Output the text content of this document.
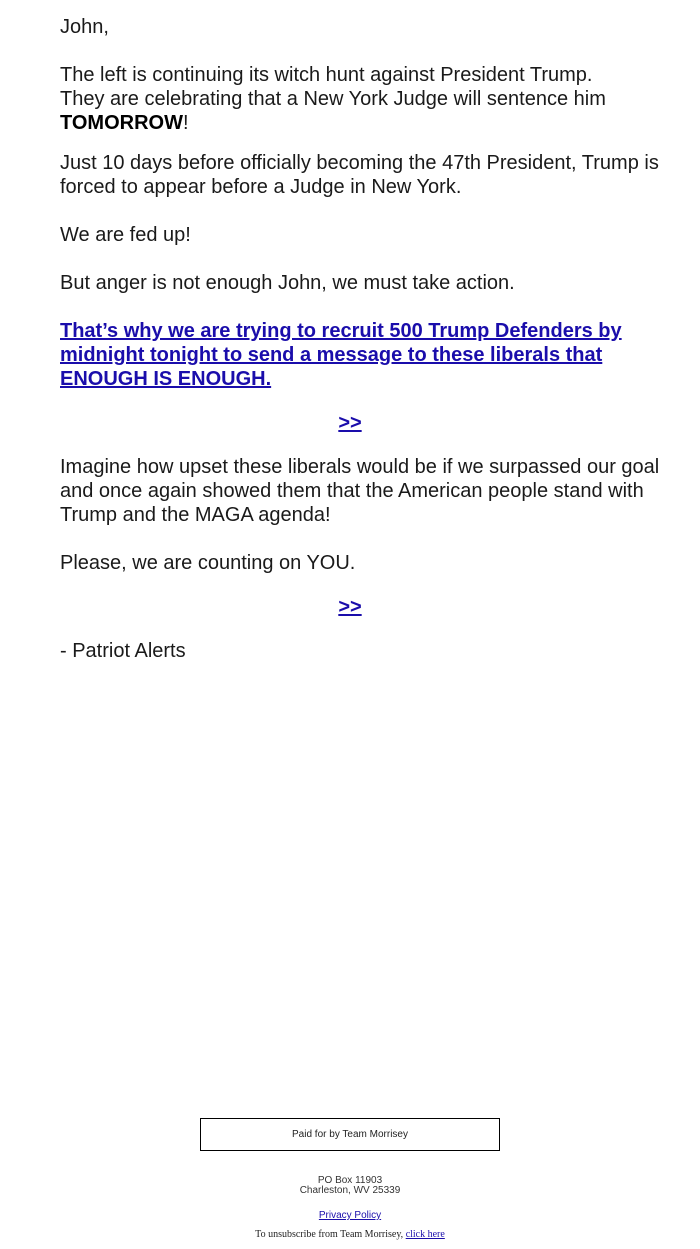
John,

The left is continuing its witch hunt against President Trump.
They are celebrating that a New York Judge will sentence him
TOMORROW!

Just 10 days before officially becoming the 47th President, Trump is forced to appear before a Judge in New York.

We are fed up!

But anger is not enough John, we must take action.

That’s why we are trying to recruit 500 Trump Defenders by midnight tonight to send a message to these liberals that ENOUGH IS ENOUGH.
>>

Imagine how upset these liberals would be if we surpassed our goal and once again showed them that the American people stand with Trump and the MAGA agenda!

Please, we are counting on YOU.

>>

- Patriot Alerts

Paid for by Team Morrisey
PO Box 11903
Charleston, WV 25339
Privacy Policy
To unsubscribe from Team Morrisey, click here
